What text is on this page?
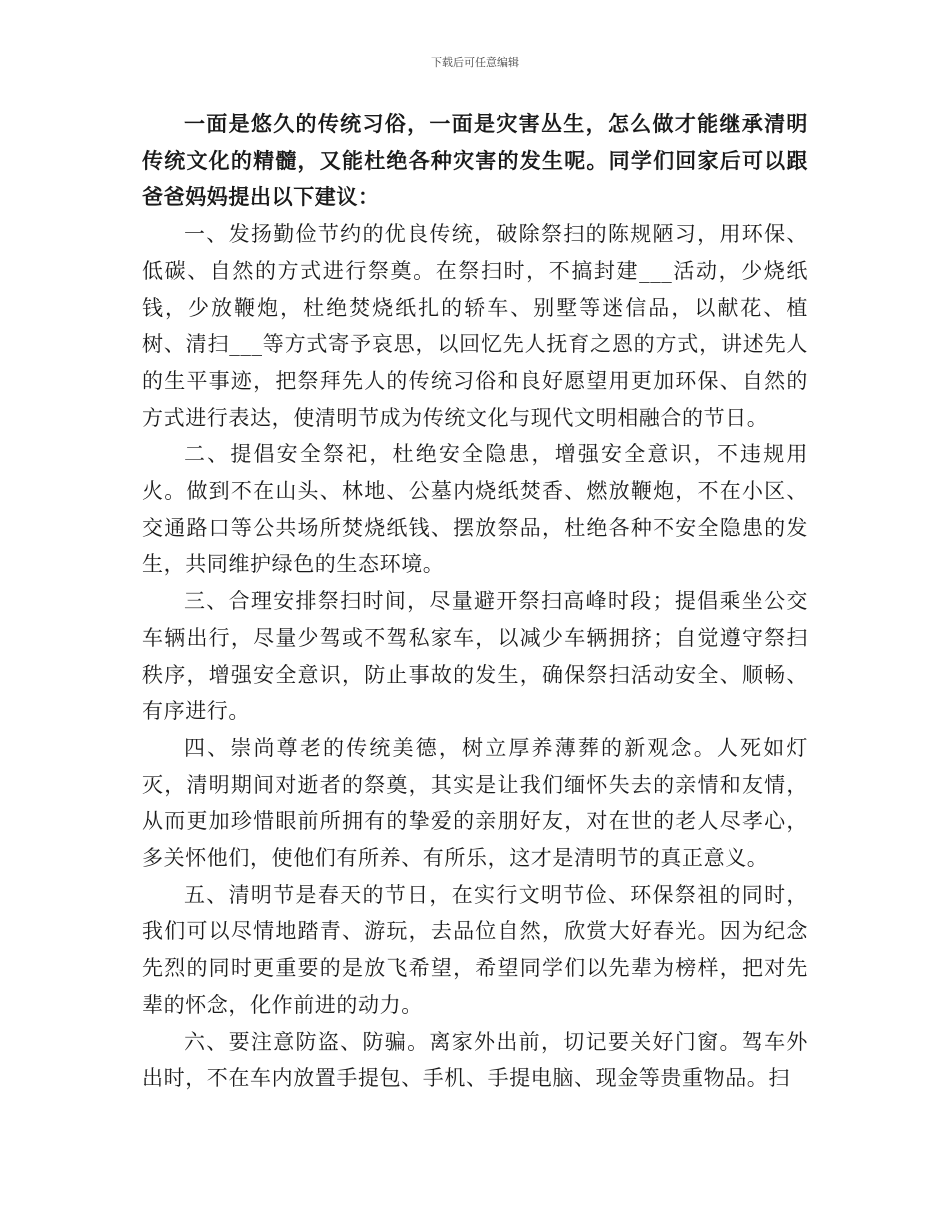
下载后可任意编辑

一面是悠久的传统习俗，一面是灾害丛生，怎么做才能继承清明传统文化的精髓，又能杜绝各种灾害的发生呢。同学们回家后可以跟爸爸妈妈提出以下建议：

一、发扬勤俭节约的优良传统，破除祭扫的陈规陋习，用环保、低碳、自然的方式进行祭奠。在祭扫时，不搞封建___活动，少烧纸钱，少放鞭炮，杜绝焚烧纸扎的轿车、别墅等迷信品，以献花、植树、清扫___等方式寄予哀思，以回忆先人抚育之恩的方式，讲述先人的生平事迹，把祭拜先人的传统习俗和良好愿望用更加环保、自然的方式进行表达，使清明节成为传统文化与现代文明相融合的节日。

二、提倡安全祭祀，杜绝安全隐患，增强安全意识，不违规用火。做到不在山头、林地、公墓内烧纸焚香、燃放鞭炮，不在小区、交通路口等公共场所焚烧纸钱、摆放祭品，杜绝各种不安全隐患的发生，共同维护绿色的生态环境。

三、合理安排祭扫时间，尽量避开祭扫高峰时段；提倡乘坐公交车辆出行，尽量少驾或不驾私家车，以减少车辆拥挤；自觉遵守祭扫秩序，增强安全意识，防止事故的发生，确保祭扫活动安全、顺畅、有序进行。

四、崇尚尊老的传统美德，树立厚养薄葬的新观念。人死如灯灭，清明期间对逝者的祭奠，其实是让我们缅怀失去的亲情和友情，从而更加珍惜眼前所拥有的挚爱的亲朋好友，对在世的老人尽孝心，多关怀他们，使他们有所养、有所乐，这才是清明节的真正意义。

五、清明节是春天的节日，在实行文明节俭、环保祭祖的同时，我们可以尽情地踏青、游玩，去品位自然，欣赏大好春光。因为纪念先烈的同时更重要的是放飞希望，希望同学们以先辈为榜样，把对先辈的怀念，化作前进的动力。

六、要注意防盗、防骗。离家外出前，切记要关好门窗。驾车外出时，不在车内放置手提包、手机、手提电脑、现金等贵重物品。扫
